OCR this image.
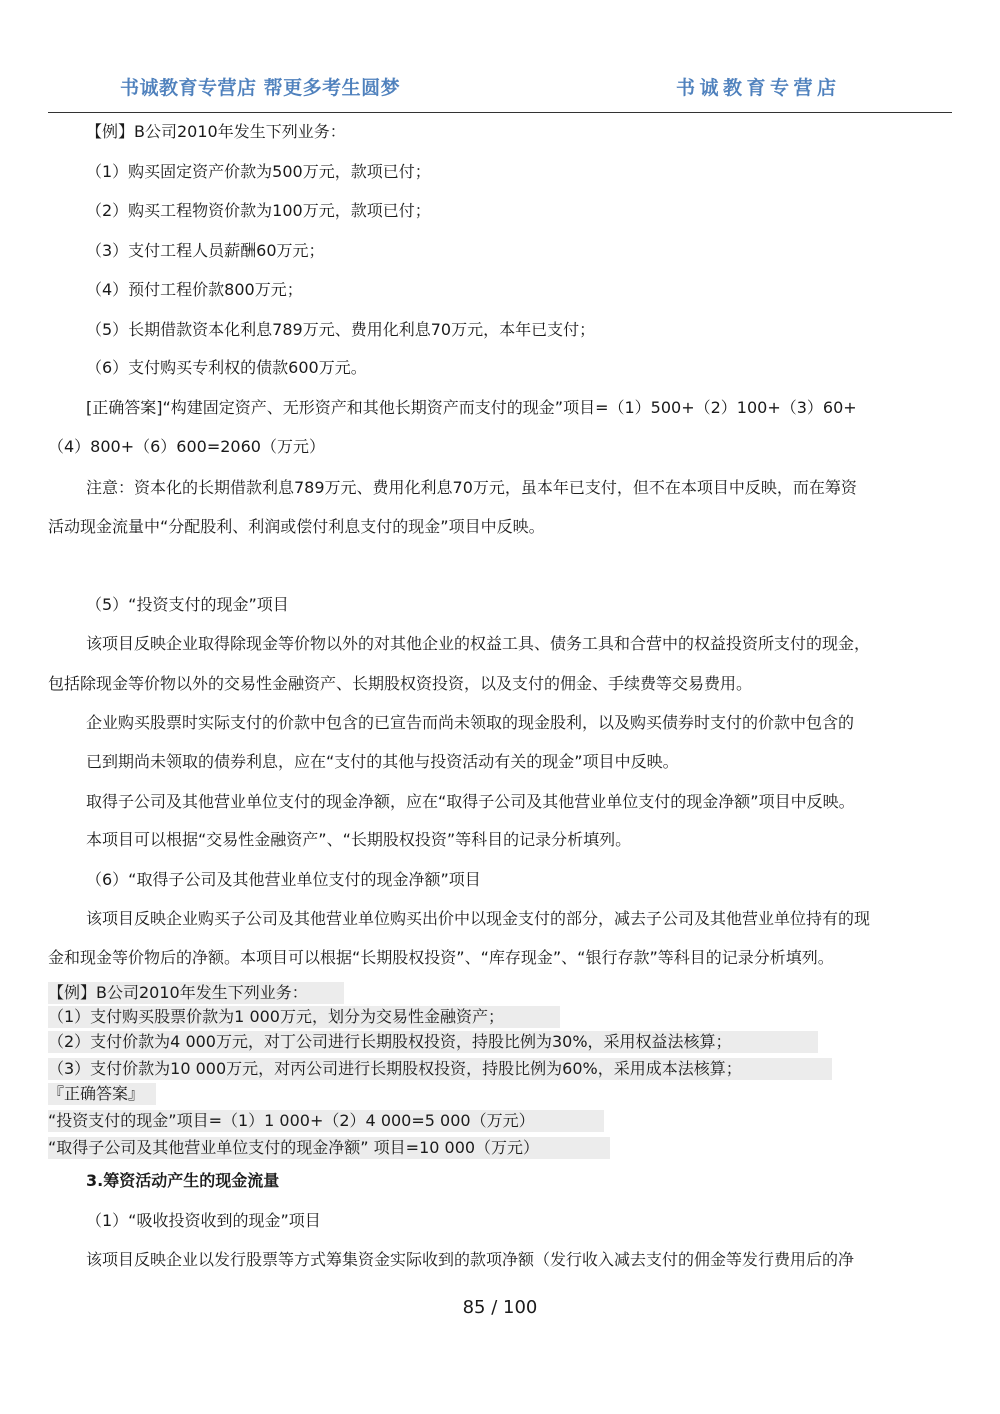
书诚教育专营店 帮更多考生圆梦	书诚教育专营店
【例】B公司2010年发生下列业务：
（1）购买固定资产价款为500万元，款项已付；
（2）购买工程物资价款为100万元，款项已付；
（3）支付工程人员薪酬60万元；
（4）预付工程价款800万元；
（5）长期借款资本化利息789万元、费用化利息70万元，本年已支付；
（6）支付购买专利权的债款600万元。
[正确答案]“构建固定资产、无形资产和其他长期资产而支付的现金”项目=（1）500+（2）100+（3）60+
（4）800+（6）600=2060（万元）
注意：资本化的长期借款利息789万元、费用化利息70万元，虽本年已支付，但不在本项目中反映，而在筹资
活动现金流量中“分配股利、利润或偿付利息支付的现金”项目中反映。
（5）“投资支付的现金”项目
该项目反映企业取得除现金等价物以外的对其他企业的权益工具、债务工具和合营中的权益投资所支付的现金，
包括除现金等价物以外的交易性金融资产、长期股权资投资，以及支付的佣金、手续费等交易费用。
企业购买股票时实际支付的价款中包含的已宣告而尚未领取的现金股利，以及购买债券时支付的价款中包含的
已到期尚未领取的债券利息，应在“支付的其他与投资活动有关的现金”项目中反映。
取得子公司及其他营业单位支付的现金净额，应在“取得子公司及其他营业单位支付的现金净额”项目中反映。
本项目可以根据“交易性金融资产”、“长期股权投资”等科目的记录分析填列。
（6）“取得子公司及其他营业单位支付的现金净额”项目
该项目反映企业购买子公司及其他营业单位购买出价中以现金支付的部分，减去子公司及其他营业单位持有的现
金和现金等价物后的净额。本项目可以根据“长期股权投资”、“库存现金”、“银行存款”等科目的记录分析填列。
【例】B公司2010年发生下列业务：
（1）支付购买股票价款为1 000万元，划分为交易性金融资产；
（2）支付价款为4 000万元，对丁公司进行长期股权投资，持股比例为30%，采用权益法核算；
（3）支付价款为10 000万元，对丙公司进行长期股权投资，持股比例为60%，采用成本法核算；
『正确答案』
“投资支付的现金”项目=（1）1 000+（2）4 000=5 000（万元）
“取得子公司及其他营业单位支付的现金净额” 项目=10 000（万元）
3.筹资活动产生的现金流量
（1）“吸收投资收到的现金”项目
该项目反映企业以发行股票等方式筹集资金实际收到的款项净额（发行收入减去支付的佣金等发行费用后的净
85 / 100
